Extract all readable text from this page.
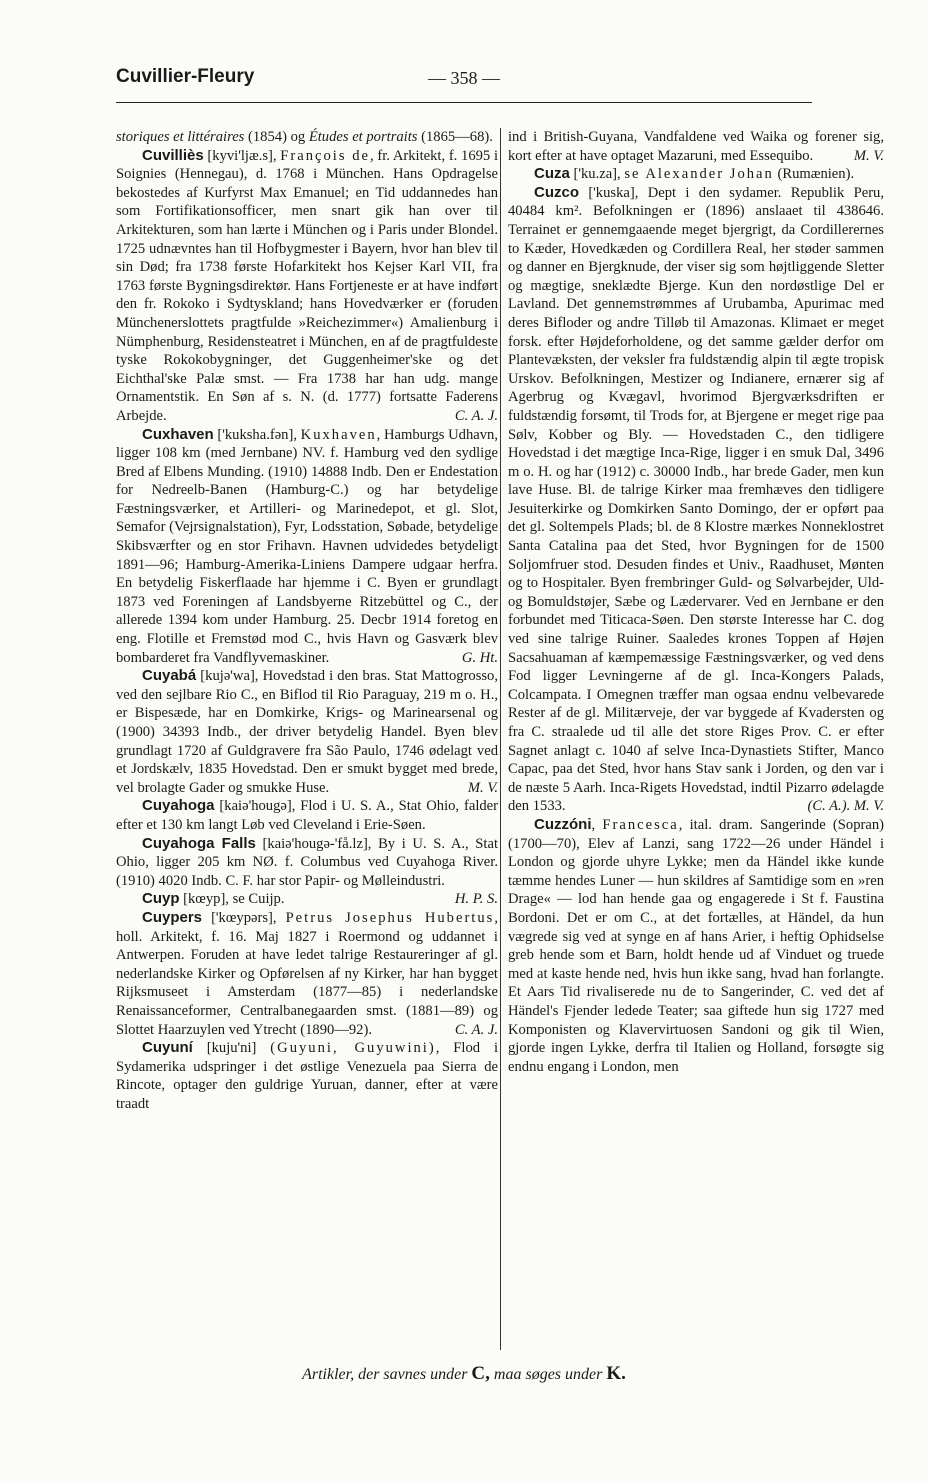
Cuvillier-Fleury	— 358 —

storiques et littéraires (1854) og Études et portraits (1865—68).

Cuvilliès [kyvi'ljæ.s], François de, fr. Arkitekt, f. 1695 i Soignies (Hennegau), d. 1768 i München. Hans Opdragelse bekostedes af Kurfyrst Max Emanuel; en Tid uddannedes han som Fortifikationsofficer, men snart gik han over til Arkitekturen, som han lærte i München og i Paris under Blondel. 1725 udnævntes han til Hofbygmester i Bayern, hvor han blev til sin Død; fra 1738 første Hofarkitekt hos Kejser Karl VII, fra 1763 første Bygningsdirektør. Hans Fortjeneste er at have indført den fr. Rokoko i Sydtyskland; hans Hovedværker er (foruden Münchenerslottets pragtfulde »Reichezimmer«) Amalienburg i Nümphenburg, Residensteatret i München, en af de pragtfuldeste tyske Rokokobygninger, det Guggenheimer'ske og det Eichthal'ske Palæ smst. — Fra 1738 har han udg. mange Ornamentstik. En Søn af s. N. (d. 1777) fortsatte Faderens Arbejde.	C. A. J.

Cuxhaven ['kuksha.fən], Kuxhaven, Hamburgs Udhavn, ligger 108 km (med Jernbane) NV. f. Hamburg ved den sydlige Bred af Elbens Munding. (1910) 14888 Indb. Den er Endestation for Nedreelb-Banen (Hamburg-C.) og har betydelige Fæstningsværker, et Artilleri- og Marinedepot, et gl. Slot, Semafor (Vejrsignalstation), Fyr, Lodsstation, Søbade, betydelige Skibsværfter og en stor Frihavn. Havnen udvidedes betydeligt 1891—96; Hamburg-Amerika-Liniens Dampere udgaar herfra. En betydelig Fiskerflaade har hjemme i C. Byen er grundlagt 1873 ved Foreningen af Landsbyerne Ritzebüttel og C., der allerede 1394 kom under Hamburg. 25. Decbr 1914 foretog en eng. Flotille et Fremstød mod C., hvis Havn og Gasværk blev bombarderet fra Vandflyvemaskiner.	G. Ht.

Cuyabá [kujə'wa], Hovedstad i den bras. Stat Mattogrosso, ved den sejlbare Rio C., en Biflod til Rio Paraguay, 219 m o. H., er Bispesæde, har en Domkirke, Krigs- og Marinearsenal og (1900) 34393 Indb., der driver betydelig Handel. Byen blev grundlagt 1720 af Guldgravere fra São Paulo, 1746 ødelagt ved et Jordskælv, 1835 Hovedstad. Den er smukt bygget med brede, vel brolagte Gader og smukke Huse.	M. V.

Cuyahoga [kaiə'hougə], Flod i U. S. A., Stat Ohio, falder efter et 130 km langt Løb ved Cleveland i Erie-Søen.

Cuyahoga Falls [kaiə'hougə-'få.lz], By i U. S. A., Stat Ohio, ligger 205 km NØ. f. Columbus ved Cuyahoga River. (1910) 4020 Indb. C. F. har stor Papir- og Mølleindustri.
H. P. S.

Cuyp [kœyp], se Cuijp.

Cuypers ['kœypərs], Petrus Josephus Hubertus, holl. Arkitekt, f. 16. Maj 1827 i Roermond og uddannet i Antwerpen. Foruden at have ledet talrige Restaureringer af gl. nederlandske Kirker og Opførelsen af ny Kirker, har han bygget Rijksmuseet i Amsterdam (1877—85) i nederlandske Renaissanceformer, Centralbanegaarden smst. (1881—89) og Slottet Haarzuylen ved Ytrecht (1890—92).	C. A. J.

Cuyuní [kuju'ni] (Guyuni, Guyuwini), Flod i Sydamerika udspringer i det østlige Venezuela paa Sierra de Rincote, optager den guldrige Yuruan, danner, efter at være traadt

ind i British-Guyana, Vandfaldene ved Waika og forener sig, kort efter at have optaget Mazaruni, med Essequibo.	M. V.

Cuza ['ku.za], se Alexander Johan (Rumænien).

Cuzco ['kuska], Dept i den sydamer. Republik Peru, 40484 km². Befolkningen er (1896) anslaaet til 438646. Terrainet er gennemgaaende meget bjergrigt, da Cordillerernes to Kæder, Hovedkæden og Cordillera Real, her støder sammen og danner en Bjergknude, der viser sig som højtliggende Sletter og mægtige, sneklædte Bjerge. Kun den nordøstlige Del er Lavland. Det gennemstrømmes af Urubamba, Apurimac med deres Bifloder og andre Tilløb til Amazonas. Klimaet er meget forsk. efter Højdeforholdene, og det samme gælder derfor om Plantevæksten, der veksler fra fuldstændig alpin til ægte tropisk Urskov. Befolkningen, Mestizer og Indianere, ernærer sig af Agerbrug og Kvægavl, hvorimod Bjergværksdriften er fuldstændig forsømt, til Trods for, at Bjergene er meget rige paa Sølv, Kobber og Bly. — Hovedstaden C., den tidligere Hovedstad i det mægtige Inca-Rige, ligger i en smuk Dal, 3496 m o. H. og har (1912) c. 30000 Indb., har brede Gader, men kun lave Huse. Bl. de talrige Kirker maa fremhæves den tidligere Jesuiterkirke og Domkirken Santo Domingo, der er opført paa det gl. Soltempels Plads; bl. de 8 Klostre mærkes Nonneklostret Santa Catalina paa det Sted, hvor Bygningen for de 1500 Soljomfruer stod. Desuden findes et Univ., Raadhuset, Mønten og to Hospitaler. Byen frembringer Guld- og Sølvarbejder, Uld- og Bomuldstøjer, Sæbe og Lædervarer. Ved en Jernbane er den forbundet med Titicaca-Søen. Den største Interesse har C. dog ved sine talrige Ruiner. Saaledes krones Toppen af Højen Sacsahuaman af kæmpemæssige Fæstningsværker, og ved dens Fod ligger Levningerne af de gl. Inca-Kongers Palads, Colcampata. I Omegnen træffer man ogsaa endnu velbevarede Rester af de gl. Militærveje, der var byggede af Kvadersten og fra C. straalede ud til alle det store Riges Prov. C. er efter Sagnet anlagt c. 1040 af selve Inca-Dynastiets Stifter, Manco Capac, paa det Sted, hvor hans Stav sank i Jorden, og den var i de næste 5 Aarh. Inca-Rigets Hovedstad, indtil Pizarro ødelagde den 1533.	(C. A.). M. V.

Cuzzóni, Francesca, ital. dram. Sangerinde (Sopran) (1700—70), Elev af Lanzi, sang 1722—26 under Händel i London og gjorde uhyre Lykke; men da Händel ikke kunde tæmme hendes Luner — hun skildres af Samtidige som en »ren Drage« — lod han hende gaa og engagerede i St f. Faustina Bordoni. Det er om C., at det fortælles, at Händel, da hun vægrede sig ved at synge en af hans Arier, i heftig Ophidselse greb hende som et Barn, holdt hende ud af Vinduet og truede med at kaste hende ned, hvis hun ikke sang, hvad han forlangte. Et Aars Tid rivaliserede nu de to Sangerinder, C. ved det af Händel's Fjender ledede Teater; saa giftede hun sig 1727 med Komponisten og Klavervirtuosen Sandoni og gik til Wien, gjorde ingen Lykke, derfra til Italien og Holland, forsøgte sig endnu engang i London, men

Artikler, der savnes under C, maa søges under K.
